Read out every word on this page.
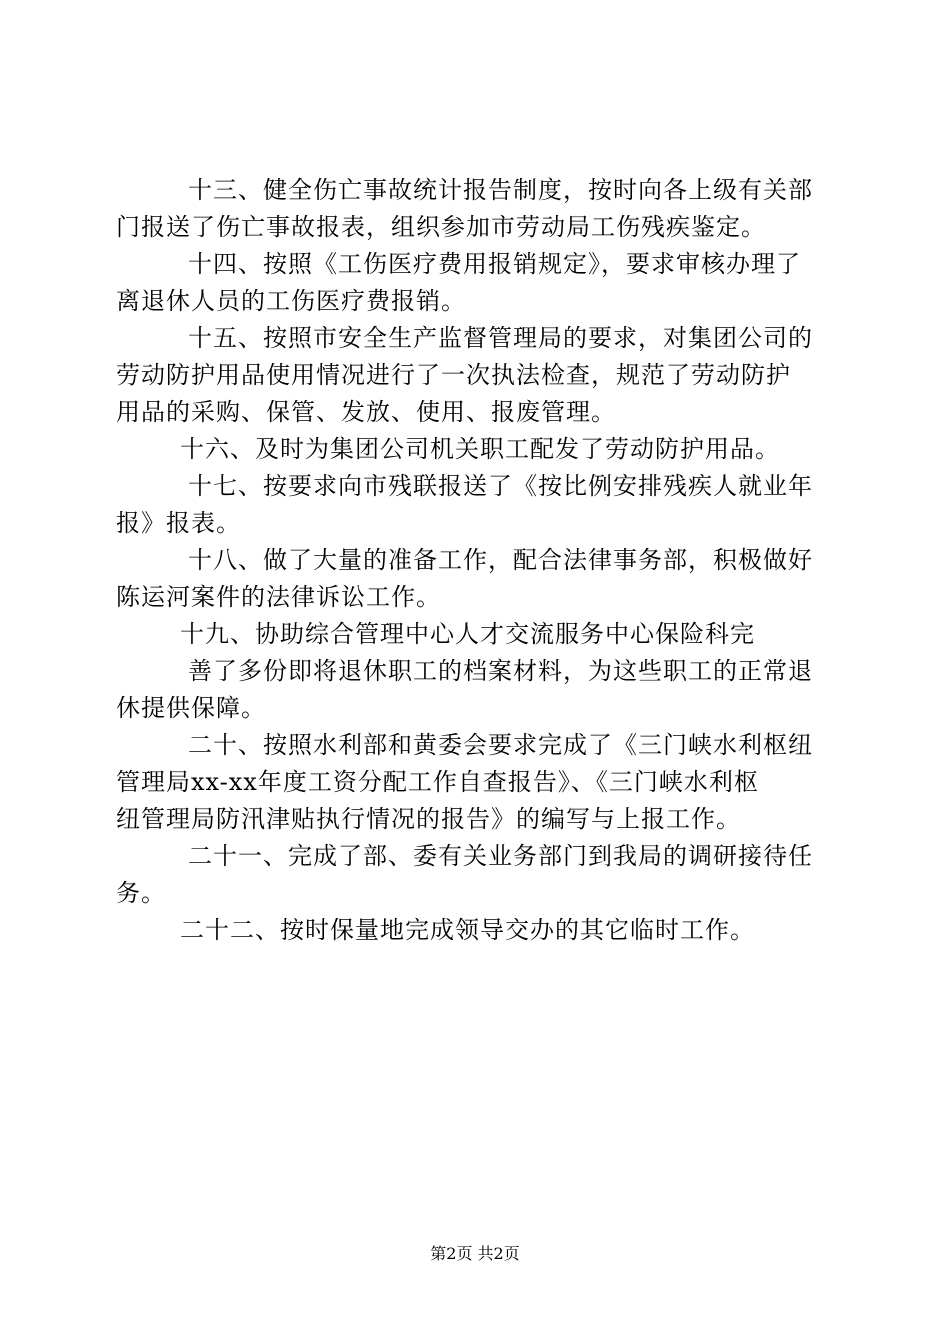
十三、健全伤亡事故统计报告制度，按时向各上级有关部
门报送了伤亡事故报表，组织参加市劳动局工伤残疾鉴定。
十四、按照《工伤医疗费用报销规定》，要求审核办理了
离退休人员的工伤医疗费报销。
十五、按照市安全生产监督管理局的要求，对集团公司的
劳动防护用品使用情况进行了一次执法检查，规范了劳动防护
用品的采购、保管、发放、使用、报废管理。
十六、及时为集团公司机关职工配发了劳动防护用品。
十七、按要求向市残联报送了《按比例安排残疾人就业年
报》报表。
十八、做了大量的准备工作，配合法律事务部，积极做好
陈运河案件的法律诉讼工作。
十九、协助综合管理中心人才交流服务中心保险科完
善了多份即将退休职工的档案材料，为这些职工的正常退
休提供保障。
二十、按照水利部和黄委会要求完成了《三门峡水利枢纽
管理局xx-xx年度工资分配工作自查报告》、《三门峡水利枢
纽管理局防汛津贴执行情况的报告》的编写与上报工作。
二十一、完成了部、委有关业务部门到我局的调研接待任
务。
二十二、按时保量地完成领导交办的其它临时工作。
第2页 共2页
